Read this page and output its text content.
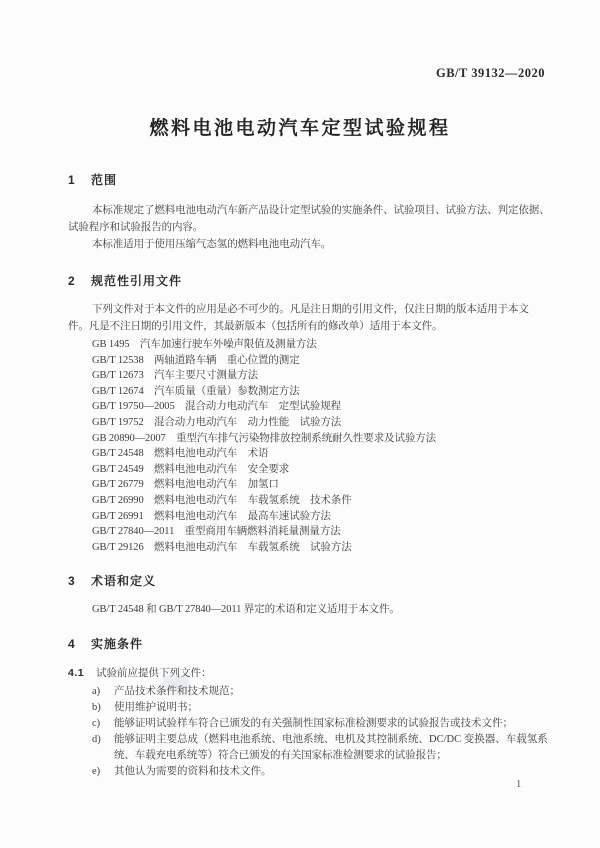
GB/T 39132—2020
燃料电池电动汽车定型试验规程
1 范围
本标准规定了燃料电池电动汽车新产品设计定型试验的实施条件、试验项目、试验方法、判定依据、
试验程序和试验报告的内容。
本标准适用于使用压缩气态氢的燃料电池电动汽车。
2 规范性引用文件
下列文件对于本文件的应用是必不可少的。凡是注日期的引用文件，仅注日期的版本适用于本文
件。凡是不注日期的引用文件，其最新版本（包括所有的修改单）适用于本文件。
GB 1495　汽车加速行驶车外噪声限值及测量方法
GB/T 12538　两轴道路车辆　重心位置的测定
GB/T 12673　汽车主要尺寸测量方法
GB/T 12674　汽车质量（重量）参数测定方法
GB/T 19750—2005　混合动力电动汽车　定型试验规程
GB/T 19752　混合动力电动汽车　动力性能　试验方法
GB 20890—2007　重型汽车排气污染物排放控制系统耐久性要求及试验方法
GB/T 24548　燃料电池电动汽车　术语
GB/T 24549　燃料电池电动汽车　安全要求
GB/T 26779　燃料电池电动汽车　加氢口
GB/T 26990　燃料电池电动汽车　车载氢系统　技术条件
GB/T 26991　燃料电池电动汽车　最高车速试验方法
GB/T 27840—2011　重型商用车辆燃料消耗量测量方法
GB/T 29126　燃料电池电动汽车　车载氢系统　试验方法
3 术语和定义
GB/T 24548 和 GB/T 27840—2011 界定的术语和定义适用于本文件。
4 实施条件
4.1 试验前应提供下列文件：
a) 产品技术条件和技术规范；
b) 使用维护说明书；
c) 能够证明试验样车符合已颁发的有关强制性国家标准检测要求的试验报告或技术文件；
d) 能够证明主要总成（燃料电池系统、电池系统、电机及其控制系统、DC/DC 变换器、车载氢系
统、车载充电系统等）符合已颁发的有关国家标准检测要求的试验报告；
e) 其他认为需要的资料和技术文件。
1
